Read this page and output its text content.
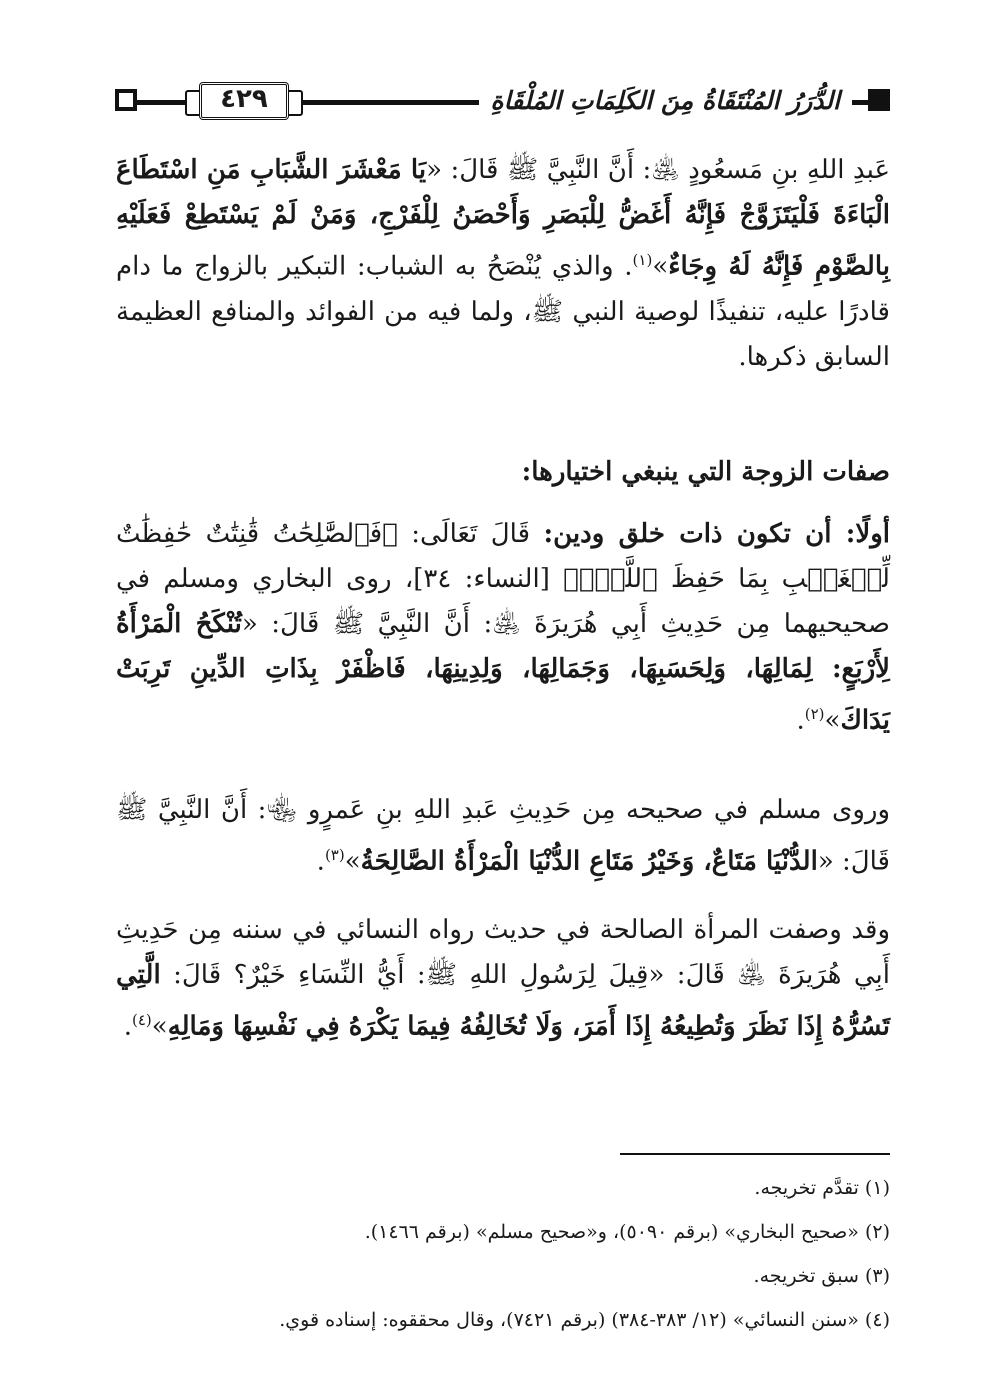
٤٢٩	الدُّرَرُ المُنْتَقَاةُ مِنَ الكَلِمَاتِ المُلْقَاةِ

عَبدِ اللهِ بنِ مَسعُودٍ ﵁: أَنَّ النَّبِيَّ ﷺ قَالَ: «يَا مَعْشَرَ الشَّبَابِ مَنِ اسْتَطَاعَ الْبَاءَةَ فَلْيَتَزَوَّجْ فَإِنَّهُ أَغَضُّ لِلْبَصَرِ وَأَحْصَنُ لِلْفَرْجِ، وَمَنْ لَمْ يَسْتَطِعْ فَعَلَيْهِ بِالصَّوْمِ فَإِنَّهُ لَهُ وِجَاءٌ»$^{(١)}$. والذي يُنْصَحُ به الشباب: التبكير بالزواج ما دام قادرًا عليه، تنفيذًا لوصية النبي ﷺ، ولما فيه من الفوائد والمنافع العظيمة السابق ذكرها.

صفات الزوجة التي ينبغي اختيارها:

أولًا: أن تكون ذات خلق ودين: قَالَ تَعَالَى: ﴿فَٱلصَّٰلِحَٰتُ قَٰنِتَٰتٌ حَٰفِظَٰتٌ لِّلۡغَيۡبِ بِمَا حَفِظَ ٱللَّهُۚ﴾ [النساء: ٣٤]، روى البخاري ومسلم في صحيحيهما مِن حَدِيثِ أَبِي هُرَيرَةَ ﵁: أَنَّ النَّبِيَّ ﷺ قَالَ: «تُنْكَحُ الْمَرْأَةُ لِأَرْبَعٍ: لِمَالِهَا، وَلِحَسَبِهَا، وَجَمَالِهَا، وَلِدِينِهَا، فَاظْفَرْ بِذَاتِ الدِّينِ تَرِبَتْ يَدَاكَ»$^{(٢)}$.

وروى مسلم في صحيحه مِن حَدِيثِ عَبدِ اللهِ بنِ عَمرٍو ﵄: أَنَّ النَّبِيَّ ﷺ قَالَ: «الدُّنْيَا مَتَاعٌ، وَخَيْرُ مَتَاعِ الدُّنْيَا الْمَرْأَةُ الصَّالِحَةُ»$^{(٣)}$.

وقد وصفت المرأة الصالحة في حديث رواه النسائي في سننه مِن حَدِيثِ أَبِي هُرَيرَةَ ﵁ قَالَ: «قِيلَ لِرَسُولِ اللهِ ﷺ: أَيُّ النِّسَاءِ خَيْرٌ؟ قَالَ: الَّتِي تَسُرُّهُ إِذَا نَظَرَ وَتُطِيعُهُ إِذَا أَمَرَ، وَلَا تُخَالِفُهُ فِيمَا يَكْرَهُ فِي نَفْسِهَا وَمَالِهِ»$^{(٤)}$.

(١) تقدَّم تخريجه.
(٢) «صحيح البخاري» (برقم ٥٠٩٠)، و«صحيح مسلم» (برقم ١٤٦٦).
(٣) سبق تخريجه.
(٤) «سنن النسائي» (١٢/ ٣٨٣-٣٨٤) (برقم ٧٤٢١)، وقال محققوه: إسناده قوي.
